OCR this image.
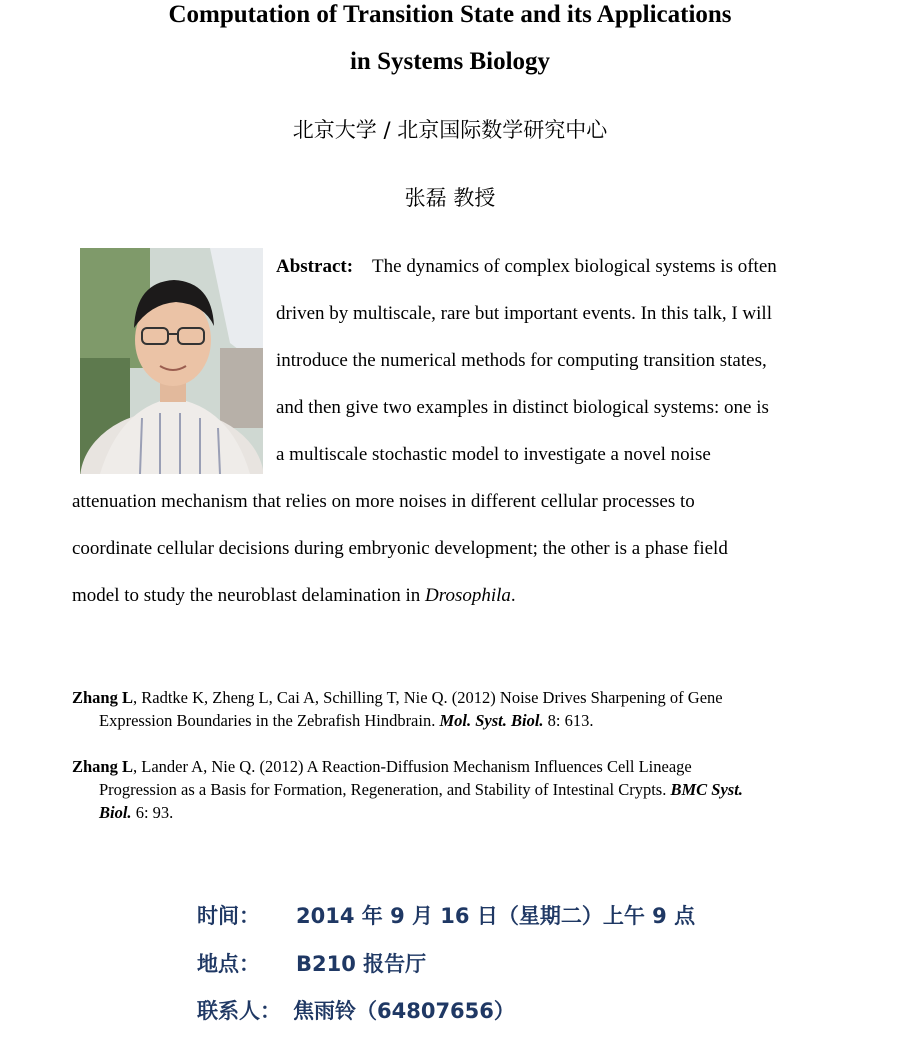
Computation of Transition State and its Applications
in Systems Biology
北京大学 / 北京国际数学研究中心
张磊 教授
Abstract: The dynamics of complex biological systems is often
driven by multiscale, rare but important events. In this talk, I will
introduce the numerical methods for computing transition states,
and then give two examples in distinct biological systems: one is
a multiscale stochastic model to investigate a novel noise
attenuation mechanism that relies on more noises in different cellular processes to
coordinate cellular decisions during embryonic development; the other is a phase field
model to study the neuroblast delamination in Drosophila.
Zhang L, Radtke K, Zheng L, Cai A, Schilling T, Nie Q. (2012) Noise Drives Sharpening of Gene
Expression Boundaries in the Zebrafish Hindbrain. Mol. Syst. Biol. 8: 613.
Zhang L, Lander A, Nie Q. (2012) A Reaction-Diffusion Mechanism Influences Cell Lineage
Progression as a Basis for Formation, Regeneration, and Stability of Intestinal Crypts. BMC Syst.
Biol. 6: 93.
时间： 2014 年 9 月 16 日（星期二）上午 9 点
地点： B210 报告厅
联系人： 焦雨铃（64807656）
